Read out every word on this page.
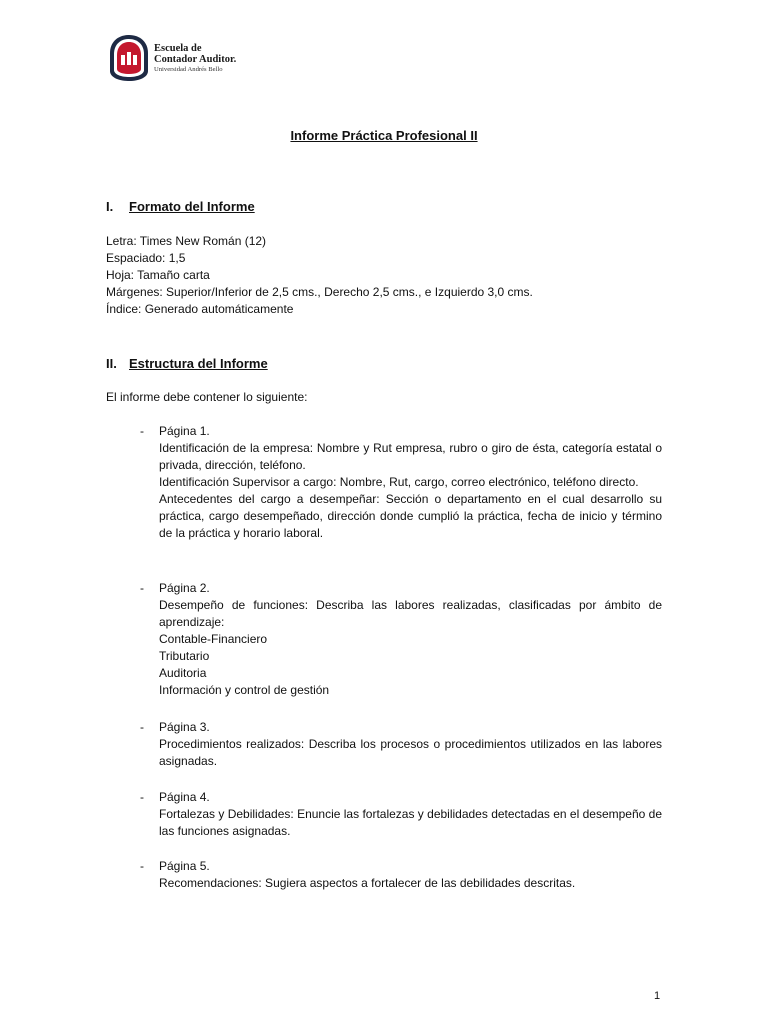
Escuela de
Contador Auditor.
Universidad Andrés Bello
Informe Práctica Profesional II
I. Formato del Informe
Letra: Times New Román (12)
Espaciado: 1,5
Hoja: Tamaño carta
Márgenes: Superior/Inferior de 2,5 cms., Derecho 2,5 cms., e Izquierdo 3,0 cms.
Índice: Generado automáticamente
II. Estructura del Informe
El informe debe contener lo siguiente:
- Página 1.
Identificación de la empresa: Nombre y Rut empresa, rubro o giro de ésta, categoría estatal o privada, dirección, teléfono.
Identificación Supervisor a cargo: Nombre, Rut, cargo, correo electrónico, teléfono directo.
Antecedentes del cargo a desempeñar: Sección o departamento en el cual desarrollo su práctica, cargo desempeñado, dirección donde cumplió la práctica, fecha de inicio y término de la práctica y horario laboral.
- Página 2.
Desempeño de funciones: Describa las labores realizadas, clasificadas por ámbito de aprendizaje:
Contable-Financiero
Tributario
Auditoria
Información y control de gestión
- Página 3.
Procedimientos realizados: Describa los procesos o procedimientos utilizados en las labores asignadas.
- Página 4.
Fortalezas y Debilidades: Enuncie las fortalezas y debilidades detectadas en el desempeño de las funciones asignadas.
- Página 5.
Recomendaciones: Sugiera aspectos a fortalecer de las debilidades descritas.
1
